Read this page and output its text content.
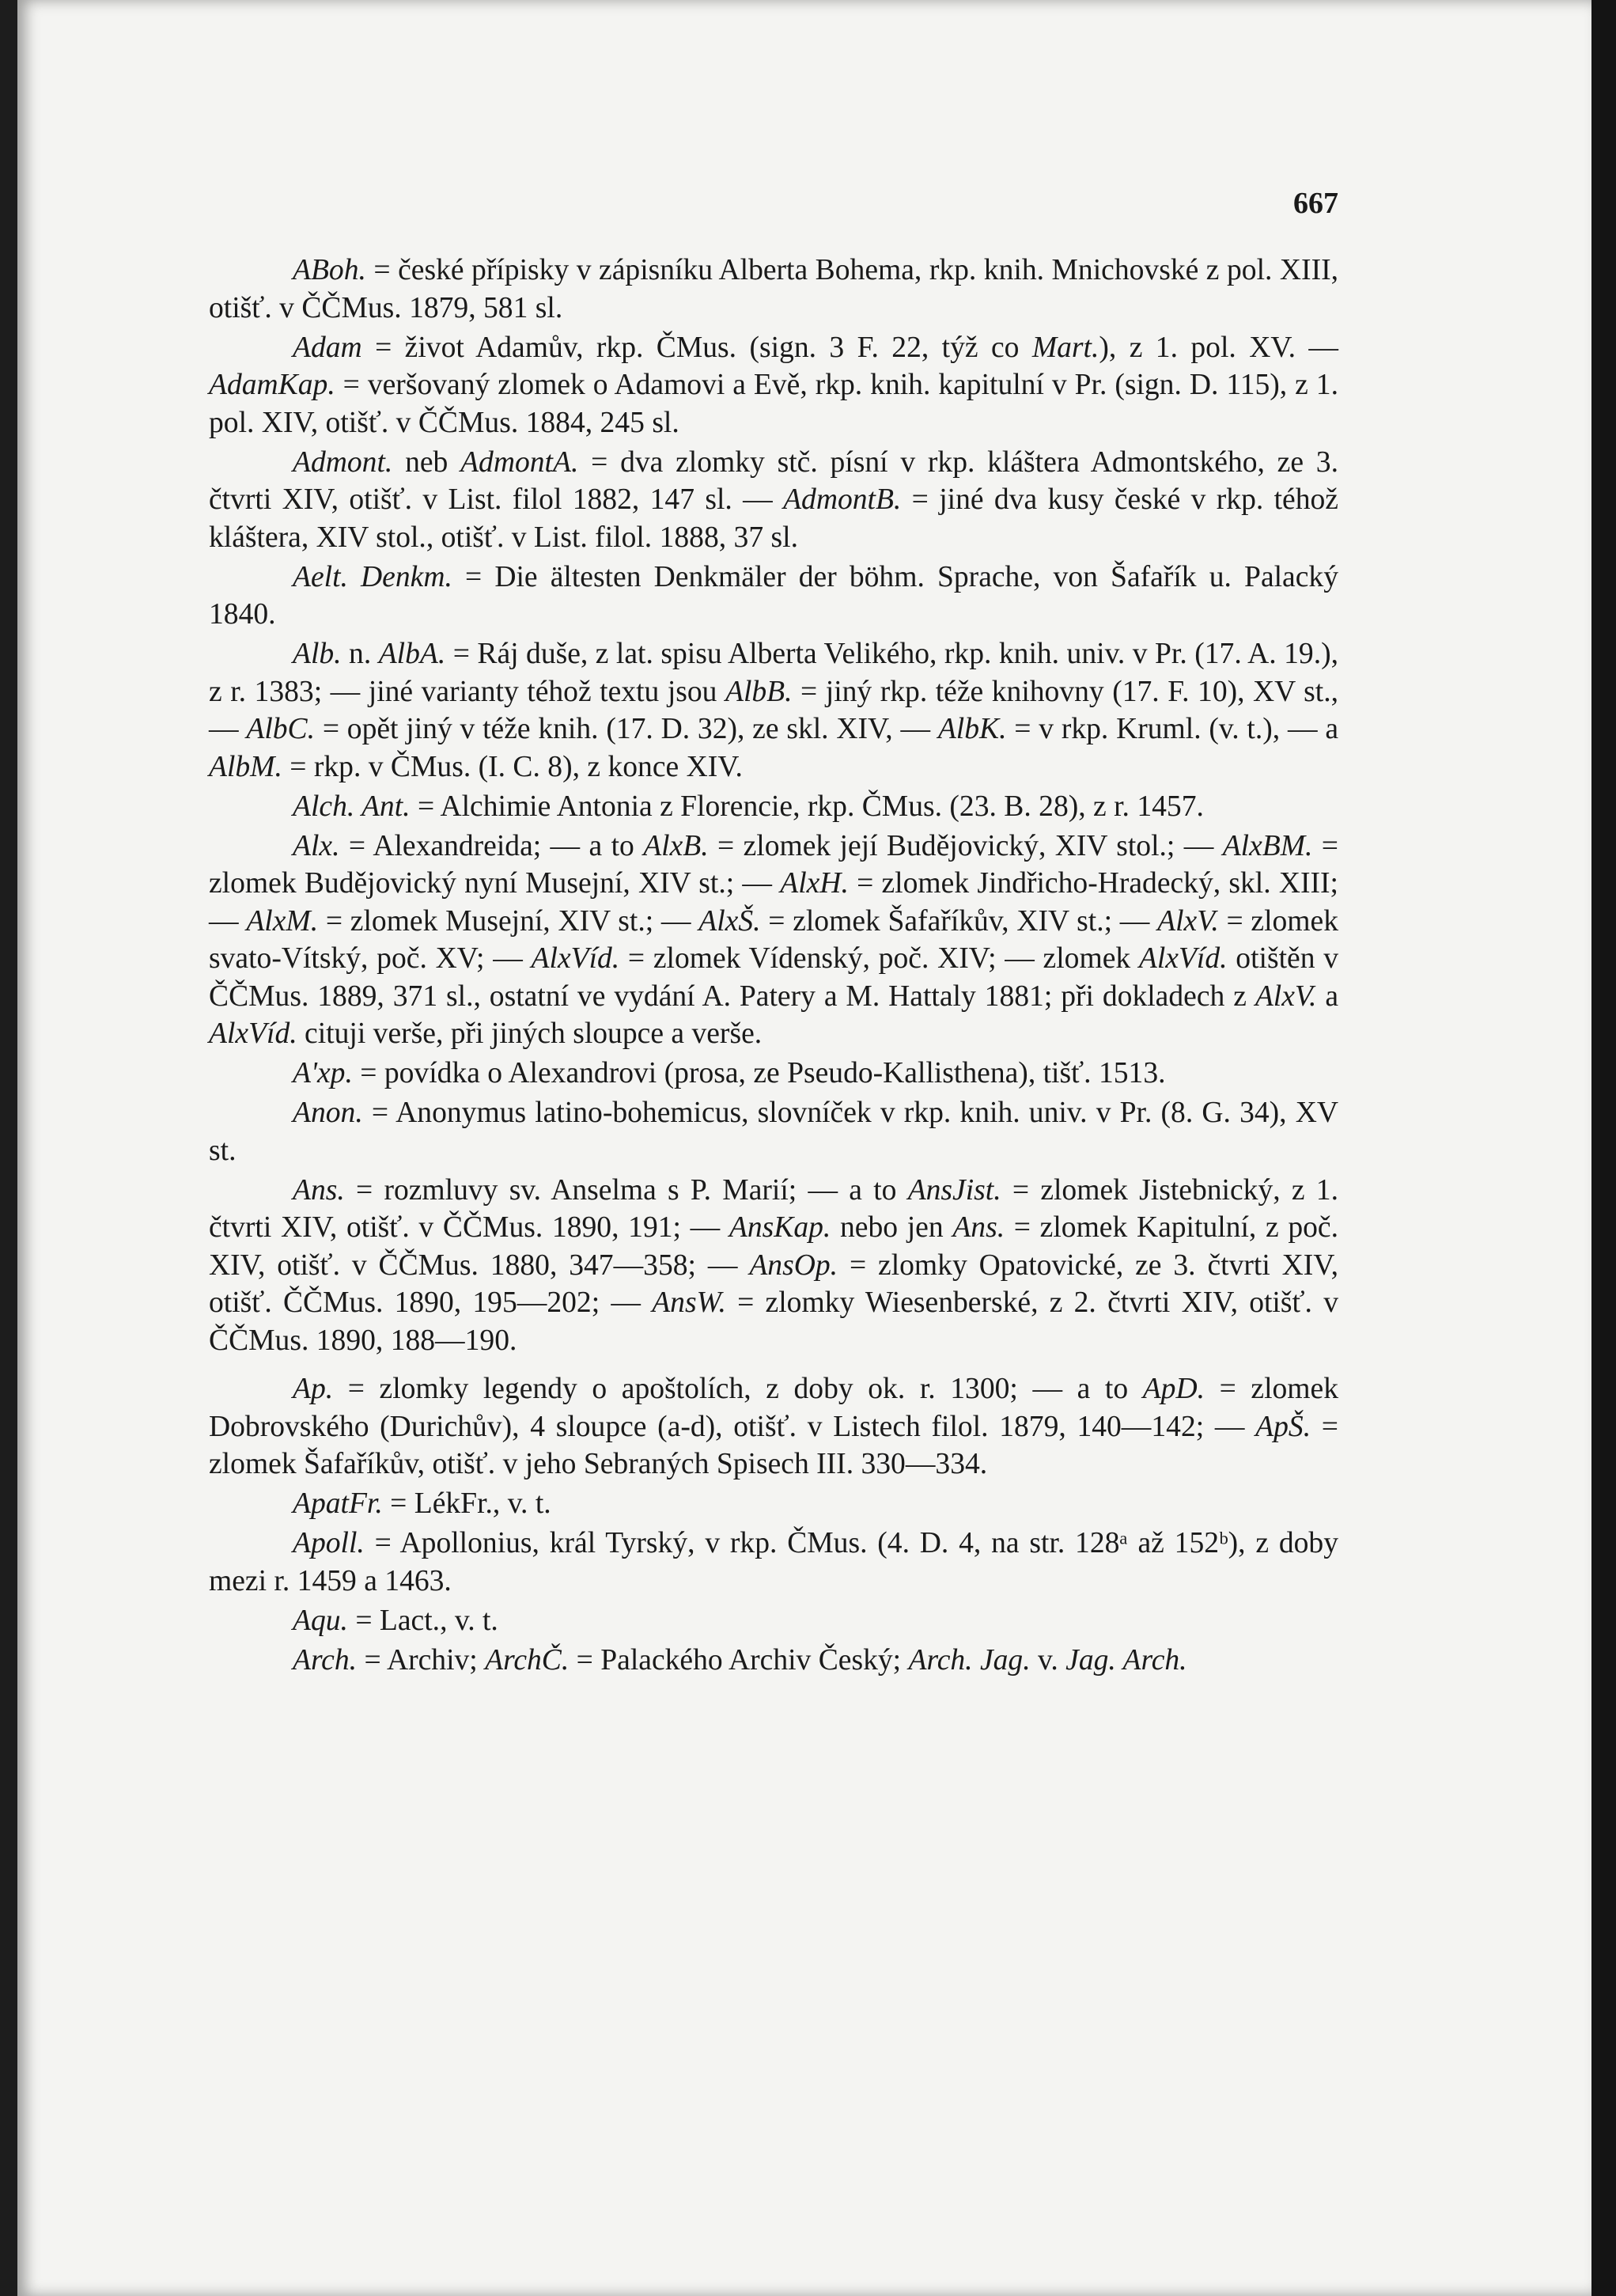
667

ABoh. = české přípisky v zápisníku Alberta Bohema, rkp. knih. Mnichovské z pol. XIII, otišť. v ČČMus. 1879, 581 sl.

Adam = život Adamův, rkp. ČMus. (sign. 3 F. 22, týž co Mart.), z 1. pol. XV. — AdamKap. = veršovaný zlomek o Adamovi a Evě, rkp. knih. kapitulní v Pr. (sign. D. 115), z 1. pol. XIV, otišť. v ČČMus. 1884, 245 sl.

Admont. neb AdmontA. = dva zlomky stč. písní v rkp. kláštera Admontského, ze 3. čtvrti XIV, otišť. v List. filol 1882, 147 sl. — AdmontB. = jiné dva kusy české v rkp. téhož kláštera, XIV stol., otišť. v List. filol. 1888, 37 sl.

Aelt. Denkm. = Die ältesten Denkmäler der böhm. Sprache, von Šafařík u. Palacký 1840.

Alb. n. AlbA. = Ráj duše, z lat. spisu Alberta Velikého, rkp. knih. univ. v Pr. (17. A. 19.), z r. 1383; — jiné varianty téhož textu jsou AlbB. = jiný rkp. téže knihovny (17. F. 10), XV st., — AlbC. = opět jiný v téže knih. (17. D. 32), ze skl. XIV, — AlbK. = v rkp. Kruml. (v. t.), — a AlbM. = rkp. v ČMus. (I. C. 8), z konce XIV.

Alch. Ant. = Alchimie Antonia z Florencie, rkp. ČMus. (23. B. 28), z r. 1457.

Alx. = Alexandreida; — a to AlxB. = zlomek její Budějovický, XIV stol.; — AlxBM. = zlomek Budějovický nyní Musejní, XIV st.; — AlxH. = zlomek Jindřicho-Hradecký, skl. XIII; — AlxM. = zlomek Musejní, XIV st.; — AlxŠ. = zlomek Šafaříkův, XIV st.; — AlxV. = zlomek svato-Vítský, poč. XV; — AlxVíd. = zlomek Vídenský, poč. XIV; — zlomek AlxVíd. otištěn v ČČMus. 1889, 371 sl., ostatní ve vydání A. Patery a M. Hattaly 1881; při dokladech z AlxV. a AlxVíd. cituji verše, při jiných sloupce a verše.

A'xp. = povídka o Alexandrovi (prosa, ze Pseudo-Kallisthena), tišť. 1513.

Anon. = Anonymus latino-bohemicus, slovníček v rkp. knih. univ. v Pr. (8. G. 34), XV st.

Ans. = rozmluvy sv. Anselma s P. Marií; — a to AnsJist. = zlomek Jistebnický, z 1. čtvrti XIV, otišť. v ČČMus. 1890, 191; — AnsKap. nebo jen Ans. = zlomek Kapitulní, z poč. XIV, otišť. v ČČMus. 1880, 347—358; — AnsOp. = zlomky Opatovické, ze 3. čtvrti XIV, otišť. ČČMus. 1890, 195—202; — AnsW. = zlomky Wiesenberské, z 2. čtvrti XIV, otišť. v ČČMus. 1890, 188—190.

Ap. = zlomky legendy o apoštolích, z doby ok. r. 1300; — a to ApD. = zlomek Dobrovského (Durichův), 4 sloupce (a-d), otišť. v Listech filol. 1879, 140—142; — ApŠ. = zlomek Šafaříkův, otišť. v jeho Sebraných Spisech III. 330—334.

ApatFr. = LékFr., v. t.

Apoll. = Apollonius, král Tyrský, v rkp. ČMus. (4. D. 4, na str. 128ᵃ až 152ᵇ), z doby mezi r. 1459 a 1463.

Aqu. = Lact., v. t.

Arch. = Archiv; ArchČ. = Palackého Archiv Český; Arch. Jag. v. Jag. Arch.
